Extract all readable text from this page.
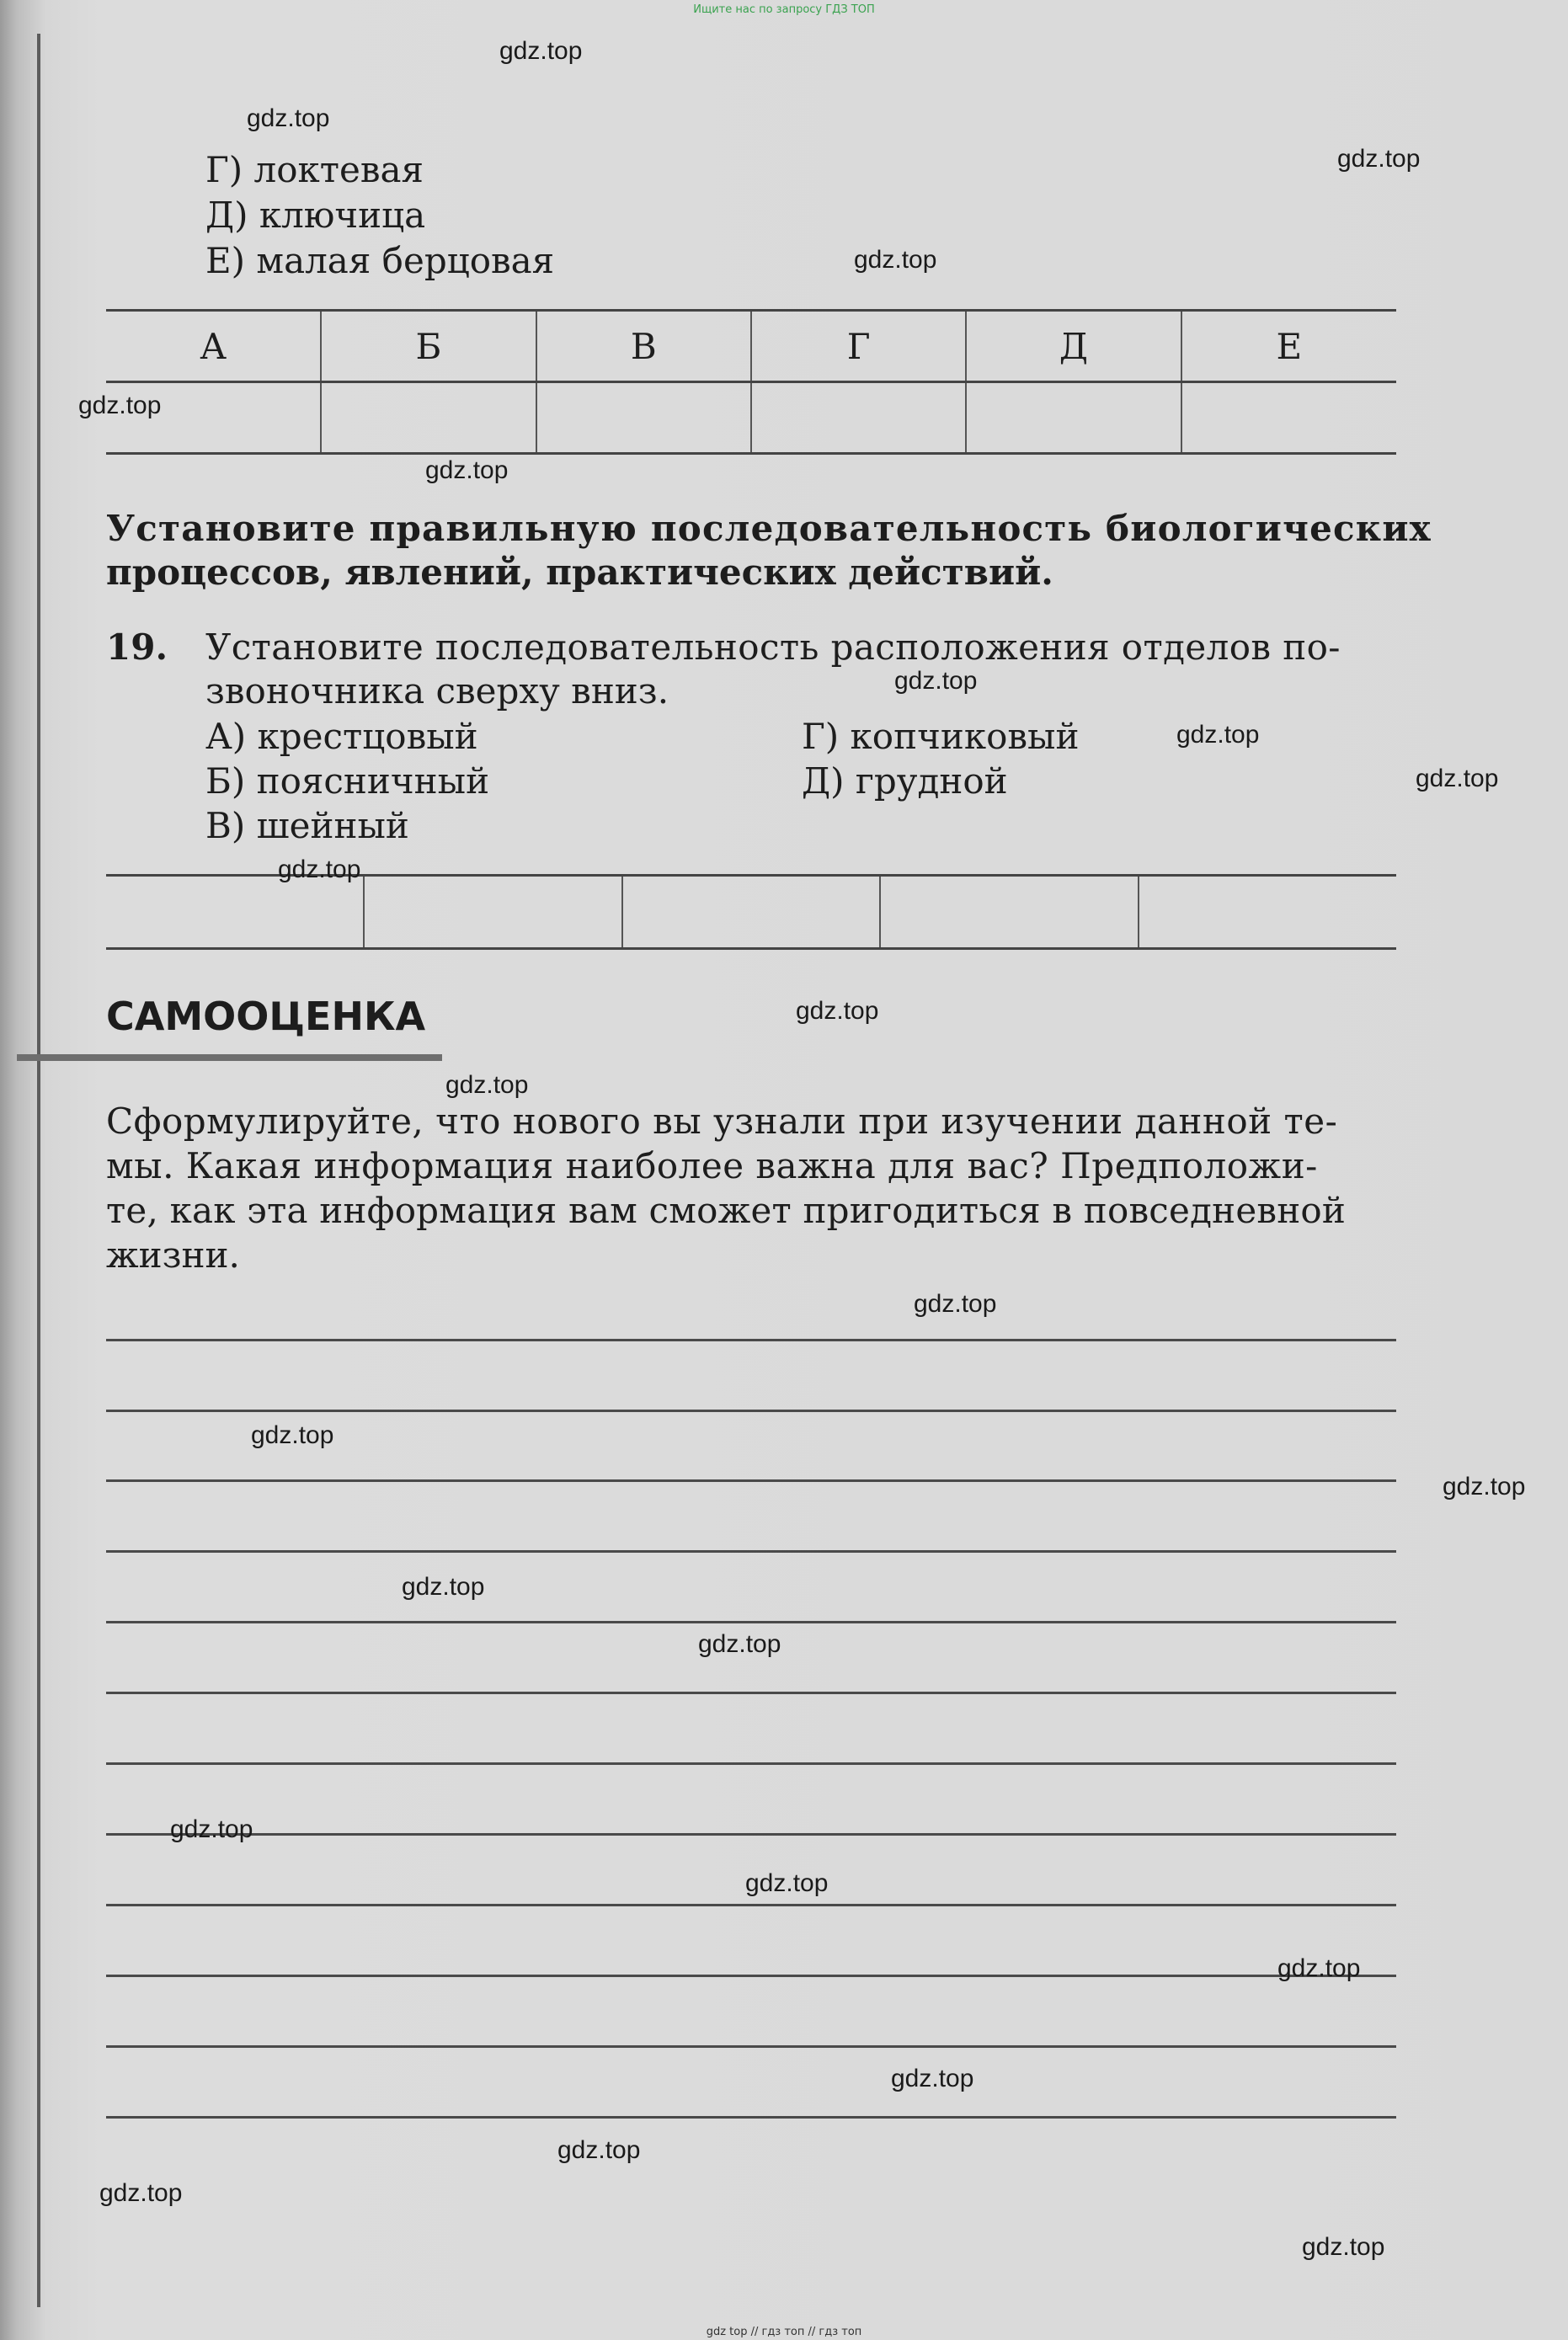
Ищите нас по запросу ГДЗ ТОП
Г) локтевая
Д) ключица
Е) малая берцовая
А	Б	В	Г	Д	Е

Установите правильную последовательность биологических
процессов, явлений, практических действий.
19. Установите последовательность расположения отделов по-
звоночника сверху вниз.
А) крестцовый
Б) поясничный
В) шейный
Г) копчиковый
Д) грудной
САМООЦЕНКА
Сформулируйте, что нового вы узнали при изучении данной те-
мы. Какая информация наиболее важна для вас? Предположи-
те, как эта информация вам сможет пригодиться в повседневной
жизни.
gdz.top
gdz.top
gdz.top
gdz.top
gdz.top
gdz.top
gdz.top
gdz.top
gdz.top
gdz.top
gdz.top
gdz.top
gdz.top
gdz.top
gdz.top
gdz.top
gdz.top
gdz.top
gdz.top
gdz.top
gdz.top
gdz.top
gdz.top
gdz.top
gdz top // гдз топ // гдз топ
